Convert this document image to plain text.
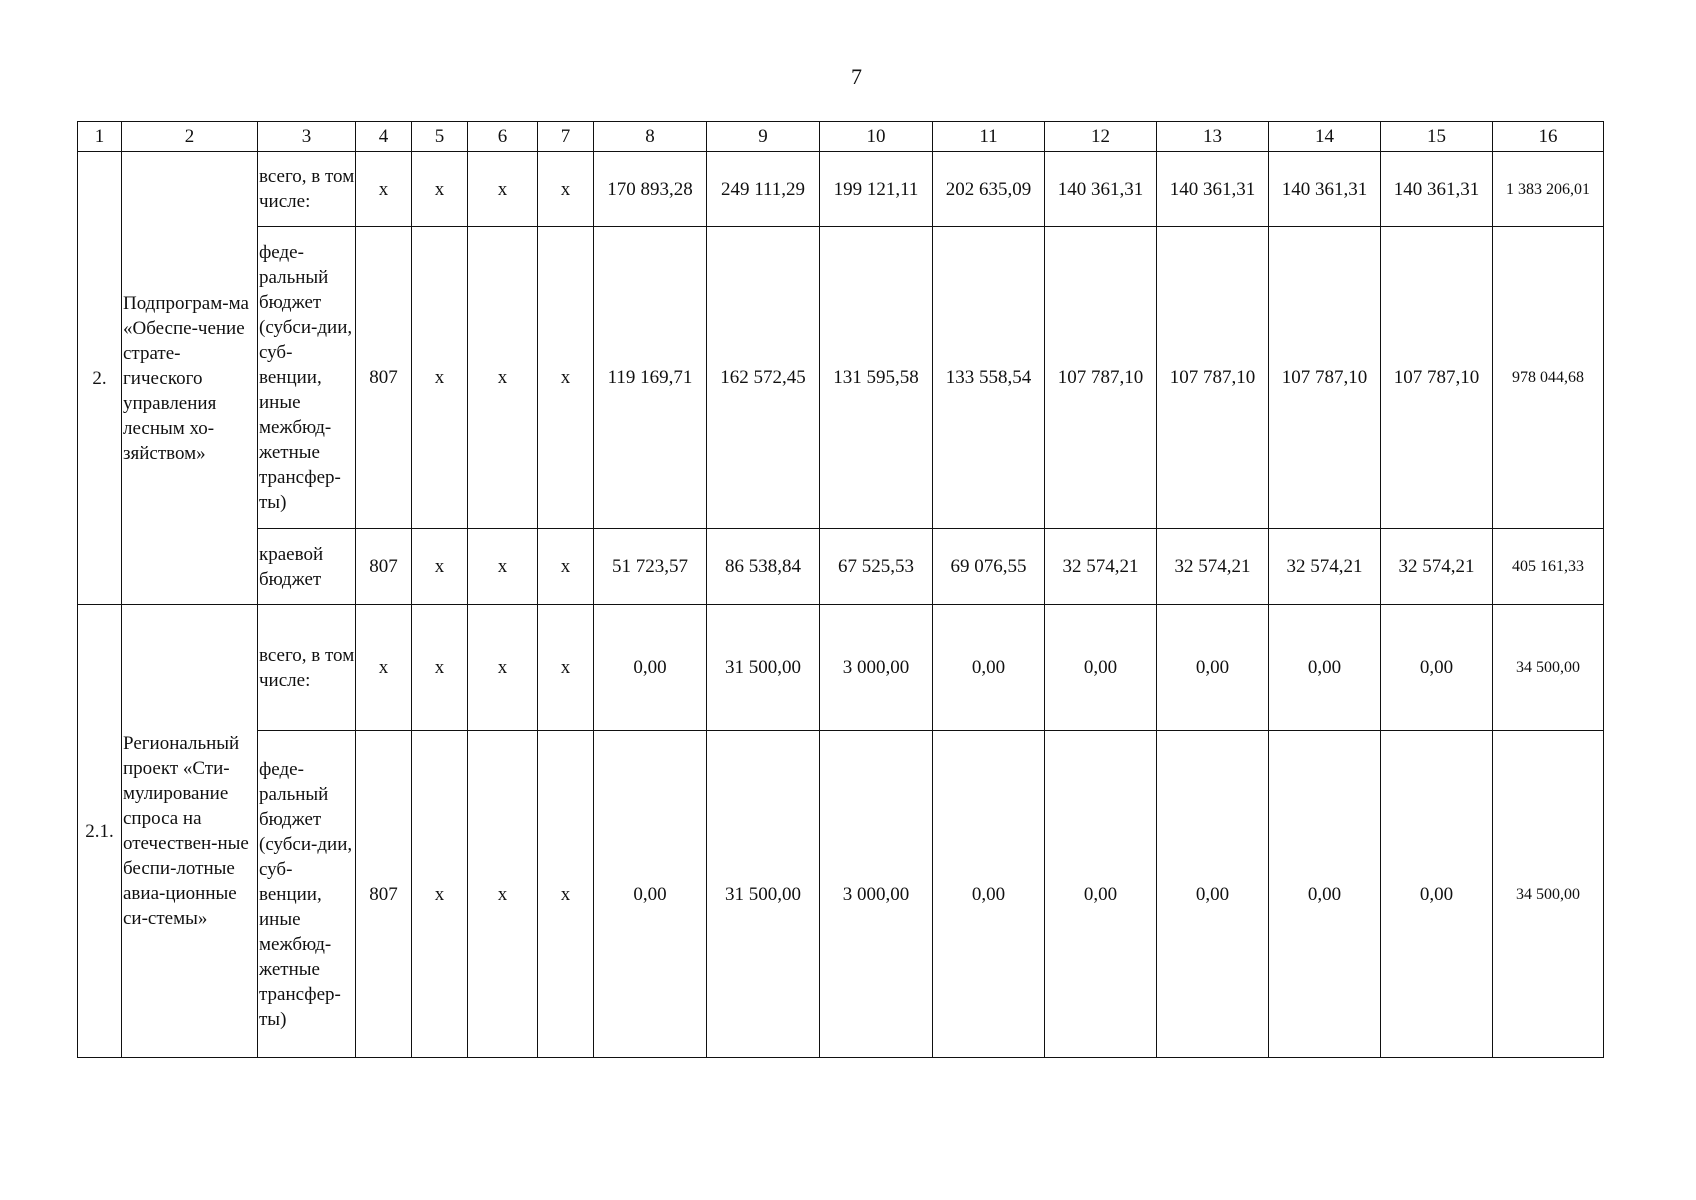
7
1	2	3	4	5	6	7	8	9	10	11	12	13	14	15	16
2.	Подпрограм-ма «Обеспе-чение страте-гического управления лесным хо-зяйством»	всего, в том числе:	x	x	x	x	170 893,28	249 111,29	199 121,11	202 635,09	140 361,31	140 361,31	140 361,31	140 361,31	1 383 206,01
		феде-ральный бюджет (субси-дии, суб-венции, иные межбюд-жетные трансфер-ты)	807	x	x	x	119 169,71	162 572,45	131 595,58	133 558,54	107 787,10	107 787,10	107 787,10	107 787,10	978 044,68
		краевой бюджет	807	x	x	x	51 723,57	86 538,84	67 525,53	69 076,55	32 574,21	32 574,21	32 574,21	32 574,21	405 161,33
2.1.	Региональный проект «Сти-мулирование спроса на отечествен-ные беспи-лотные авиа-ционные си-стемы»	всего, в том числе:	x	x	x	x	0,00	31 500,00	3 000,00	0,00	0,00	0,00	0,00	0,00	34 500,00
		феде-ральный бюджет (субси-дии, суб-венции, иные межбюд-жетные трансфер-ты)	807	x	x	x	0,00	31 500,00	3 000,00	0,00	0,00	0,00	0,00	0,00	34 500,00
